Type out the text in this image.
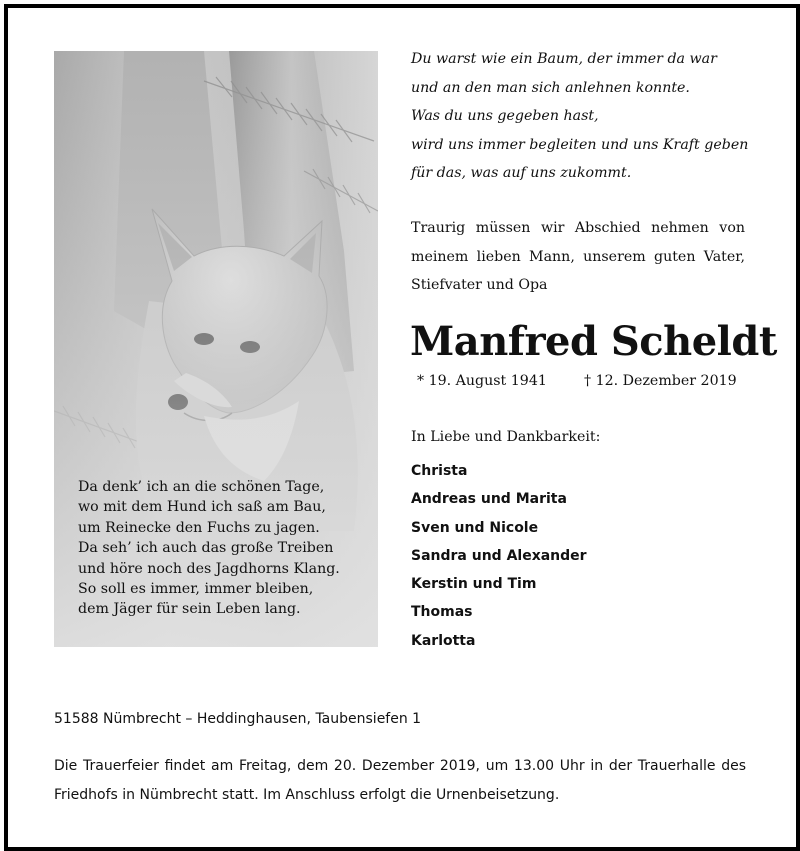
Da denk’ ich an die schönen Tage,
wo mit dem Hund ich saß am Bau,
um Reinecke den Fuchs zu jagen.
Da seh’ ich auch das große Treiben
und höre noch des Jagdhorns Klang.
So soll es immer, immer bleiben,
dem Jäger für sein Leben lang.
Du warst wie ein Baum, der immer da war
und an den man sich anlehnen konnte.
Was du uns gegeben hast,
wird uns immer begleiten und uns Kraft geben
für das, was auf uns zukommt.
Traurig müssen wir Abschied nehmen von meinem lieben Mann, unserem guten Vater, Stiefvater und Opa
Manfred Scheldt
* 19. August 1941	† 12. Dezember 2019
In Liebe und Dankbarkeit:
Christa
Andreas und Marita
Sven und Nicole
Sandra und Alexander
Kerstin und Tim
Thomas
Karlotta
51588 Nümbrecht – Heddinghausen, Taubensiefen 1
Die Trauerfeier findet am Freitag, dem 20. Dezember 2019, um 13.00 Uhr in der Trauerhalle des Friedhofs in Nümbrecht statt. Im Anschluss erfolgt die Urnenbeisetzung.
